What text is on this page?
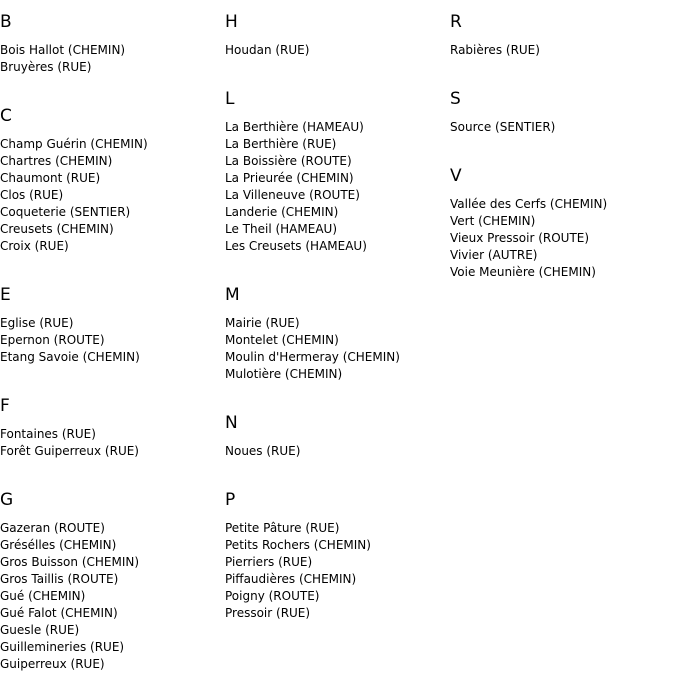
B
Bois Hallot (CHEMIN)
Bruyères (RUE)
C
Champ Guérin (CHEMIN)
Chartres (CHEMIN)
Chaumont (RUE)
Clos (RUE)
Coqueterie (SENTIER)
Creusets (CHEMIN)
Croix (RUE)
E
Eglise (RUE)
Epernon (ROUTE)
Etang Savoie (CHEMIN)
F
Fontaines (RUE)
Forêt Guiperreux (RUE)
G
Gazeran (ROUTE)
Grésélles (CHEMIN)
Gros Buisson (CHEMIN)
Gros Taillis (ROUTE)
Gué (CHEMIN)
Gué Falot (CHEMIN)
Guesle (RUE)
Guillemineries (RUE)
Guiperreux (RUE)
H
Houdan (RUE)
L
La Berthière (HAMEAU)
La Berthière (RUE)
La Boissière (ROUTE)
La Prieurée (CHEMIN)
La Villeneuve (ROUTE)
Landerie (CHEMIN)
Le Theil (HAMEAU)
Les Creusets (HAMEAU)
M
Mairie (RUE)
Montelet (CHEMIN)
Moulin d'Hermeray (CHEMIN)
Mulotière (CHEMIN)
N
Noues (RUE)
P
Petite Pâture (RUE)
Petits Rochers (CHEMIN)
Pierriers (RUE)
Piffaudières (CHEMIN)
Poigny (ROUTE)
Pressoir (RUE)
R
Rabières (RUE)
S
Source (SENTIER)
V
Vallée des Cerfs (CHEMIN)
Vert (CHEMIN)
Vieux Pressoir (ROUTE)
Vivier (AUTRE)
Voie Meunière (CHEMIN)
